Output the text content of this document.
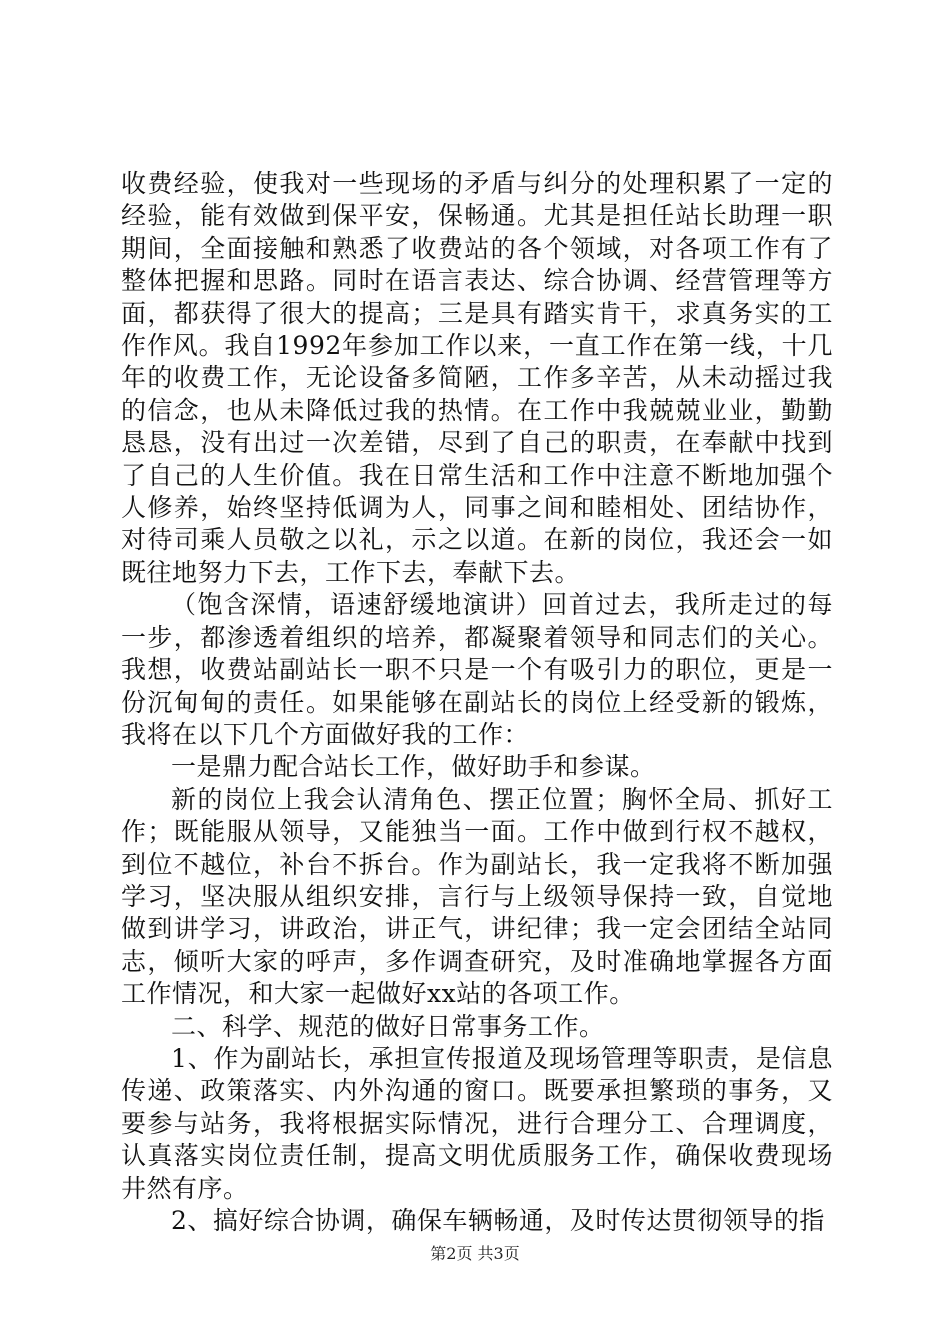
收费经验，使我对一些现场的矛盾与纠分的处理积累了一定的经验，能有效做到保平安，保畅通。尤其是担任站长助理一职期间，全面接触和熟悉了收费站的各个领域，对各项工作有了整体把握和思路。同时在语言表达、综合协调、经营管理等方面，都获得了很大的提高；三是具有踏实肯干，求真务实的工作作风。我自1992年参加工作以来，一直工作在第一线，十几年的收费工作，无论设备多简陋，工作多辛苦，从未动摇过我的信念，也从未降低过我的热情。在工作中我兢兢业业，勤勤恳恳，没有出过一次差错，尽到了自己的职责，在奉献中找到了自己的人生价值。我在日常生活和工作中注意不断地加强个人修养，始终坚持低调为人，同事之间和睦相处、团结协作，对待司乘人员敬之以礼，示之以道。在新的岗位，我还会一如既往地努力下去，工作下去，奉献下去。

（饱含深情，语速舒缓地演讲）回首过去，我所走过的每一步，都渗透着组织的培养，都凝聚着领导和同志们的关心。我想，收费站副站长一职不只是一个有吸引力的职位，更是一份沉甸甸的责任。如果能够在副站长的岗位上经受新的锻炼，我将在以下几个方面做好我的工作：

一是鼎力配合站长工作，做好助手和参谋。

新的岗位上我会认清角色、摆正位置；胸怀全局、抓好工作；既能服从领导，又能独当一面。工作中做到行权不越权，到位不越位，补台不拆台。作为副站长，我一定我将不断加强学习，坚决服从组织安排，言行与上级领导保持一致，自觉地做到讲学习，讲政治，讲正气，讲纪律；我一定会团结全站同志，倾听大家的呼声，多作调查研究，及时准确地掌握各方面工作情况，和大家一起做好xx站的各项工作。

二、科学、规范的做好日常事务工作。

1、作为副站长，承担宣传报道及现场管理等职责，是信息传递、政策落实、内外沟通的窗口。既要承担繁琐的事务，又要参与站务，我将根据实际情况，进行合理分工、合理调度，认真落实岗位责任制，提高文明优质服务工作，确保收费现场井然有序。

2、搞好综合协调，确保车辆畅通，及时传达贯彻领导的指

第2页 共3页
